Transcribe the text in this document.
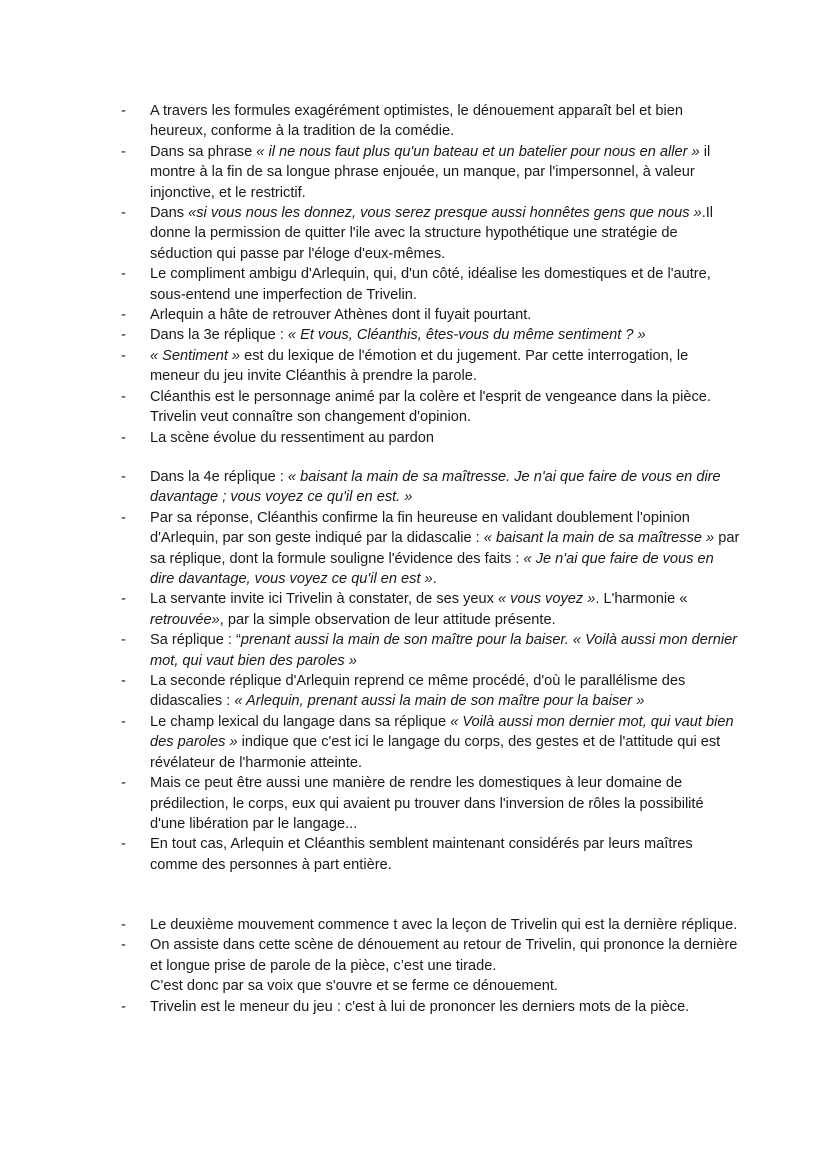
-	A travers les formules exagérément optimistes, le dénouement apparaît bel et bien heureux, conforme à la tradition de la comédie.
-	Dans sa phrase « il ne nous faut plus qu'un bateau et un batelier pour nous en aller » il montre à la fin de sa longue phrase enjouée, un manque, par l'impersonnel, à valeur injonctive, et le restrictif.
-	Dans «si vous nous les donnez, vous serez presque aussi honnêtes gens que nous ».Il donne la permission de quitter l'ile avec la structure hypothétique une stratégie de séduction qui passe par l'éloge d'eux-mêmes.
-	Le compliment ambigu d'Arlequin, qui, d'un côté, idéalise les domestiques et de l'autre, sous-entend une imperfection de Trivelin.
-	Arlequin a hâte de retrouver Athènes dont il fuyait pourtant.
-	Dans la 3e réplique : « Et vous, Cléanthis, êtes-vous du même sentiment ? »
-	« Sentiment » est du lexique de l'émotion et du jugement. Par cette interrogation, le meneur du jeu invite Cléanthis à prendre la parole.
-	Cléanthis est le personnage animé par la colère et l'esprit de vengeance dans la pièce. Trivelin veut connaître son changement d'opinion.
-	La scène évolue du ressentiment au pardon
-	Dans la 4e réplique : « baisant la main de sa maîtresse. Je n'ai que faire de vous en dire davantage ; vous voyez ce qu'il en est. »
-	Par sa réponse, Cléanthis confirme la fin heureuse en validant doublement l'opinion d'Arlequin, par son geste indiqué par la didascalie : « baisant la main de sa maîtresse » par sa réplique, dont la formule souligne l'évidence des faits : « Je n'ai que faire de vous en dire davantage, vous voyez ce qu'il en est ».
-	La servante invite ici Trivelin à constater, de ses yeux « vous voyez ». L'harmonie « retrouvée», par la simple observation de leur attitude présente.
-	Sa réplique : “prenant aussi la main de son maître pour la baiser. « Voilà aussi mon dernier mot, qui vaut bien des paroles »
-	La seconde réplique d'Arlequin reprend ce même procédé, d'où le parallélisme des didascalies : « Arlequin, prenant aussi la main de son maître pour la baiser »
-	Le champ lexical du langage dans sa réplique « Voilà aussi mon dernier mot, qui vaut bien des paroles » indique que c'est ici le langage du corps, des gestes et de l'attitude qui est révélateur de l'harmonie atteinte.
-	Mais ce peut être aussi une manière de rendre les domestiques à leur domaine de prédilection, le corps, eux qui avaient pu trouver dans l'inversion de rôles la possibilité d'une libération par le langage...
-	En tout cas, Arlequin et Cléanthis semblent maintenant considérés par leurs maîtres comme des personnes à part entière.
-	Le deuxième mouvement commence t avec la leçon de Trivelin qui est la dernière réplique.
-	On assiste dans cette scène de dénouement au retour de Trivelin, qui prononce la dernière et longue prise de parole de la pièce, c’est une tirade.
C'est donc par sa voix que s'ouvre et se ferme ce dénouement.
-	Trivelin est le meneur du jeu : c'est à lui de prononcer les derniers mots de la pièce.
